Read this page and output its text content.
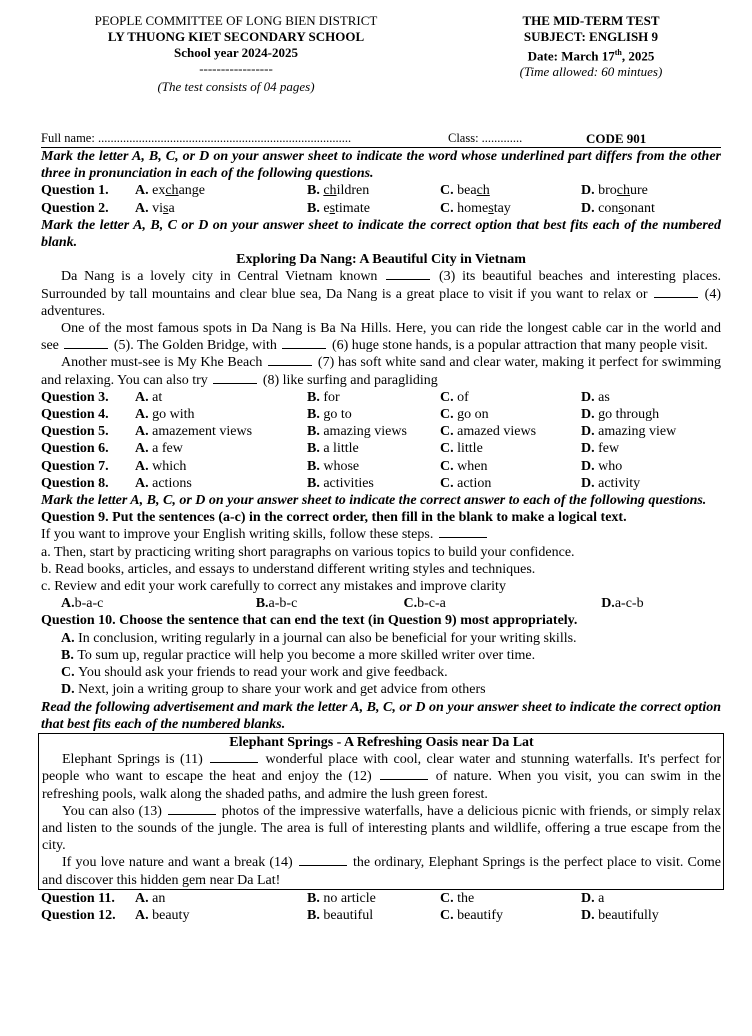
PEOPLE COMMITTEE OF LONG BIEN DISTRICT
LY THUONG KIET SECONDARY SCHOOL
School year 2024-2025
-----------------
(The test consists of 04 pages)
THE MID-TERM TEST
SUBJECT: ENGLISH 9
Date: March 17th, 2025
(Time allowed: 60 mintues)
Full name: .................................................................................	Class: .............	CODE 901
Mark the letter A, B, C, or D on your answer sheet to indicate the word whose underlined part differs from the other three in pronunciation in each of the following questions.
Question 1.	A. exchange	B. children	C. beach	D. brochure
Question 2.	A. visa	B. estimate	C. homestay	D. consonant
Mark the letter A, B, C or D on your answer sheet to indicate the correct option that best fits each of the numbered blank.
Exploring Da Nang: A Beautiful City in Vietnam
Da Nang is a lovely city in Central Vietnam known	(3) its beautiful beaches and interesting places. Surrounded by tall mountains and clear blue sea, Da Nang is a great place to visit if you want to relax or	(4) adventures.
One of the most famous spots in Da Nang is Ba Na Hills. Here, you can ride the longest cable car in the world and see	(5). The Golden Bridge, with	(6) huge stone hands, is a popular attraction that many people visit.
Another must-see is My Khe Beach	(7) has soft white sand and clear water, making it perfect for swimming and relaxing. You can also try	(8) like surfing and paragliding
Question 3.	A. at	B. for	C. of	D. as
Question 4.	A. go with	B. go to	C. go on	D. go through
Question 5.	A. amazement views	B. amazing views	C. amazed views	D. amazing view
Question 6.	A. a few	B. a little	C. little	D. few
Question 7.	A. which	B. whose	C. when	D. who
Question 8.	A. actions	B. activities	C. action	D. activity
Mark the letter A, B, C, or D on your answer sheet to indicate the correct answer to each of the following questions.
Question 9. Put the sentences (a-c) in the correct order, then fill in the blank to make a logical text.
If you want to improve your English writing skills, follow these steps.
a. Then, start by practicing writing short paragraphs on various topics to build your confidence.
b. Read books, articles, and essays to understand different writing styles and techniques.
c. Review and edit your work carefully to correct any mistakes and improve clarity
A.b-a-c	B.a-b-c	C.b-c-a	D.a-c-b
Question 10. Choose the sentence that can end the text (in Question 9) most appropriately.
A. In conclusion, writing regularly in a journal can also be beneficial for your writing skills.
B. To sum up, regular practice will help you become a more skilled writer over time.
C. You should ask your friends to read your work and give feedback.
D. Next, join a writing group to share your work and get advice from others
Read the following advertisement and mark the letter A, B, C, or D on your answer sheet to indicate the correct option that best fits each of the numbered blanks.
Elephant Springs - A Refreshing Oasis near Da Lat
Elephant Springs is (11)	wonderful place with cool, clear water and stunning waterfalls. It's perfect for people who want to escape the heat and enjoy the (12)	of nature. When you visit, you can swim in the refreshing pools, walk along the shaded paths, and admire the lush green forest.
You can also (13)	photos of the impressive waterfalls, have a delicious picnic with friends, or simply relax and listen to the sounds of the jungle. The area is full of interesting plants and wildlife, offering a true escape from the city.
If you love nature and want a break (14)	the ordinary, Elephant Springs is the perfect place to visit. Come and discover this hidden gem near Da Lat!
Question 11.	A. an	B. no article	C. the	D. a
Question 12.	A. beauty	B. beautiful	C. beautify	D. beautifully
